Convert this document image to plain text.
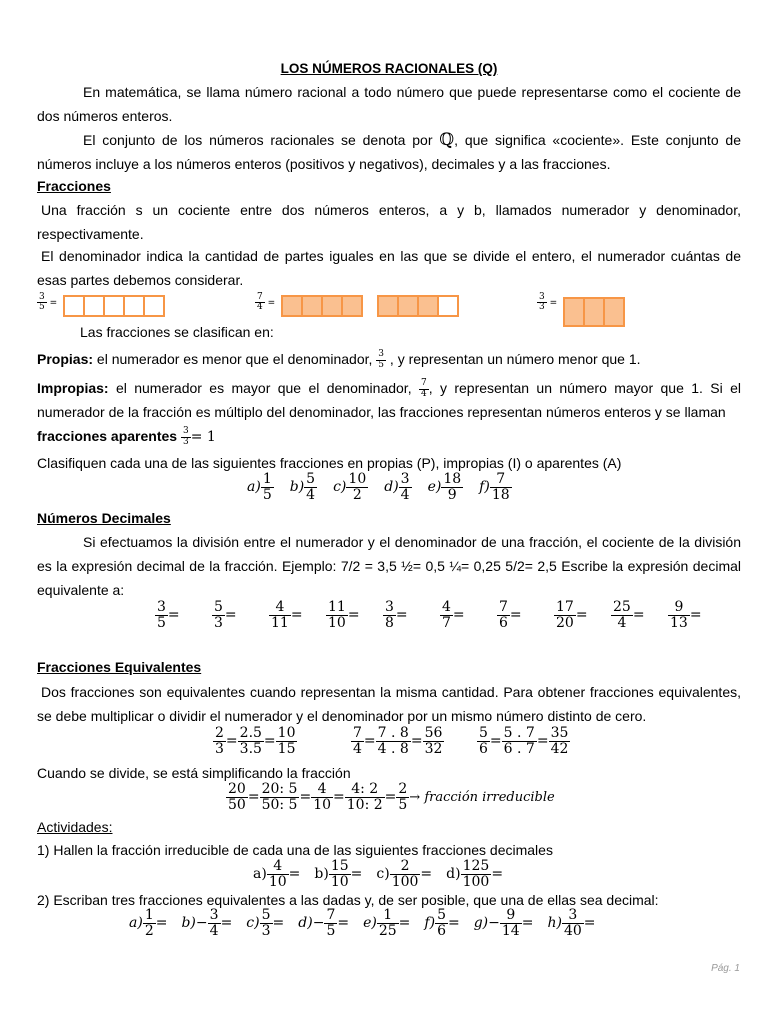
LOS NÚMEROS RACIONALES (Q)
En matemática, se llama número racional a todo número que puede representarse como el cociente de dos números enteros.
El conjunto de los números racionales se denota por ℚ, que significa «cociente». Este conjunto de números incluye a los números enteros (positivos y negativos), decimales y a las fracciones.
Fracciones
Una fracción s un cociente entre dos números enteros, a y b, llamados numerador y denominador, respectivamente.
El denominador indica la cantidad de partes iguales en las que se divide el entero, el numerador cuántas de esas partes debemos considerar.
$\frac{3}{5}$ =	$\frac{7}{4}$ =	$\frac{3}{3}$ =
Las fracciones se clasifican en:
Propias: el numerador es menor que el denominador, $\frac{3}{5}$ , y representan un número menor que 1.
Impropias: el numerador es mayor que el denominador, $\frac{7}{4}$ , y representan un número mayor que 1. Si el numerador de la fracción es múltiplo del denominador, las fracciones representan números enteros y se llaman
fracciones aparentes $\frac{3}{3} = 1$
Clasifiquen cada una de las siguientes fracciones en propias (P), impropias (I) o aparentes (A)
$a) \frac{1}{5} b) \frac{5}{4} c) \frac{10}{2} d) \frac{3}{4} e) \frac{18}{9} f) \frac{7}{18}$
Números Decimales
Si efectuamos la división entre el numerador y el denominador de una fracción, el cociente de la división es la expresión decimal de la fracción. Ejemplo: 7/2 = 3,5 ½= 0,5 ¼= 0,25 5/2= 2,5 Escribe la expresión decimal equivalente a:
$\frac{3}{5} = \frac{5}{3} = \frac{4}{11} = \frac{11}{10} = \frac{3}{8} = \frac{4}{7} = \frac{7}{6} = \frac{17}{20} = \frac{25}{4} = \frac{9}{13}$ =
Fracciones Equivalentes
Dos fracciones son equivalentes cuando representan la misma cantidad. Para obtener fracciones equivalentes, se debe multiplicar o dividir el numerador y el denominador por un mismo número distinto de cero.
$\frac{2}{3} = \frac{2.5}{3.5} = \frac{10}{15}$	$\frac{7}{4} = \frac{7 . 8}{4 . 8} = \frac{56}{32} \frac{5}{6} = \frac{5 . 7}{6 . 7} = \frac{35}{42}$
Cuando se divide, se está simplificando la fracción
$\frac{20}{50} = \frac{20: 5}{50: 5} = \frac{4}{10} = \frac{4: 2}{10: 2} = \frac{2}{5}$ → fracción irreducible
Actividades:
1) Hallen la fracción irreducible de cada una de las siguientes fracciones decimales
$a) \frac{4}{10} = b) \frac{15}{10} = c) \frac{2}{100} = d) \frac{125}{100}$ =
2) Escriban tres fracciones equivalentes a las dadas y, de ser posible, que una de ellas sea decimal:
$a) \frac{1}{2} = b)- \frac{3}{4} = c) \frac{5}{3} = d)- \frac{7}{5} = e) \frac{1}{25} = f) \frac{5}{6} = g)- \frac{9}{14} = h) \frac{3}{40}$ =
Pág. 1
